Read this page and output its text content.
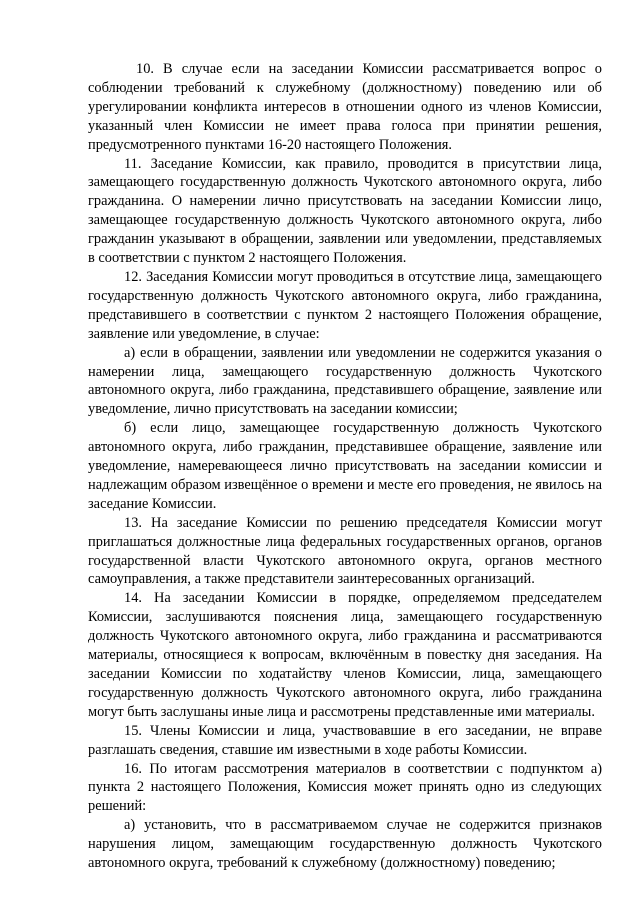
10. В случае если на заседании Комиссии рассматривается вопрос о соблюдении требований к служебному (должностному) поведению или об урегулировании конфликта интересов в отношении одного из членов Комиссии, указанный член Комиссии не имеет права голоса при принятии решения, предусмотренного пунктами 16-20 настоящего Положения.

11. Заседание Комиссии, как правило, проводится в присутствии лица, замещающего государственную должность Чукотского автономного округа, либо гражданина. О намерении лично присутствовать на заседании Комиссии лицо, замещающее государственную должность Чукотского автономного округа, либо гражданин указывают в обращении, заявлении или уведомлении, представляемых в соответствии с пунктом 2 настоящего Положения.

12. Заседания Комиссии могут проводиться в отсутствие лица, замещающего государственную должность Чукотского автономного округа, либо гражданина, представившего в соответствии с пунктом 2 настоящего Положения обращение, заявление или уведомление, в случае:

а) если в обращении, заявлении или уведомлении не содержится указания о намерении лица, замещающего государственную должность Чукотского автономного округа, либо гражданина, представившего обращение, заявление или уведомление, лично присутствовать на заседании комиссии;

б) если лицо, замещающее государственную должность Чукотского автономного округа, либо гражданин, представившее обращение, заявление или уведомление, намеревающееся лично присутствовать на заседании комиссии и надлежащим образом извещённое о времени и месте его проведения, не явилось на заседание Комиссии.

13. На заседание Комиссии по решению председателя Комиссии могут приглашаться должностные лица федеральных государственных органов, органов государственной власти Чукотского автономного округа, органов местного самоуправления, а также представители заинтересованных организаций.

14. На заседании Комиссии в порядке, определяемом председателем Комиссии, заслушиваются пояснения лица, замещающего государственную должность Чукотского автономного округа, либо гражданина и рассматриваются материалы, относящиеся к вопросам, включённым в повестку дня заседания. На заседании Комиссии по ходатайству членов Комиссии, лица, замещающего государственную должность Чукотского автономного округа, либо гражданина могут быть заслушаны иные лица и рассмотрены представленные ими материалы.

15. Члены Комиссии и лица, участвовавшие в его заседании, не вправе разглашать сведения, ставшие им известными в ходе работы Комиссии.

16. По итогам рассмотрения материалов в соответствии с подпунктом а) пункта 2 настоящего Положения, Комиссия может принять одно из следующих решений:

а) установить, что в рассматриваемом случае не содержится признаков нарушения лицом, замещающим государственную должность Чукотского автономного округа, требований к служебному (должностному) поведению;
